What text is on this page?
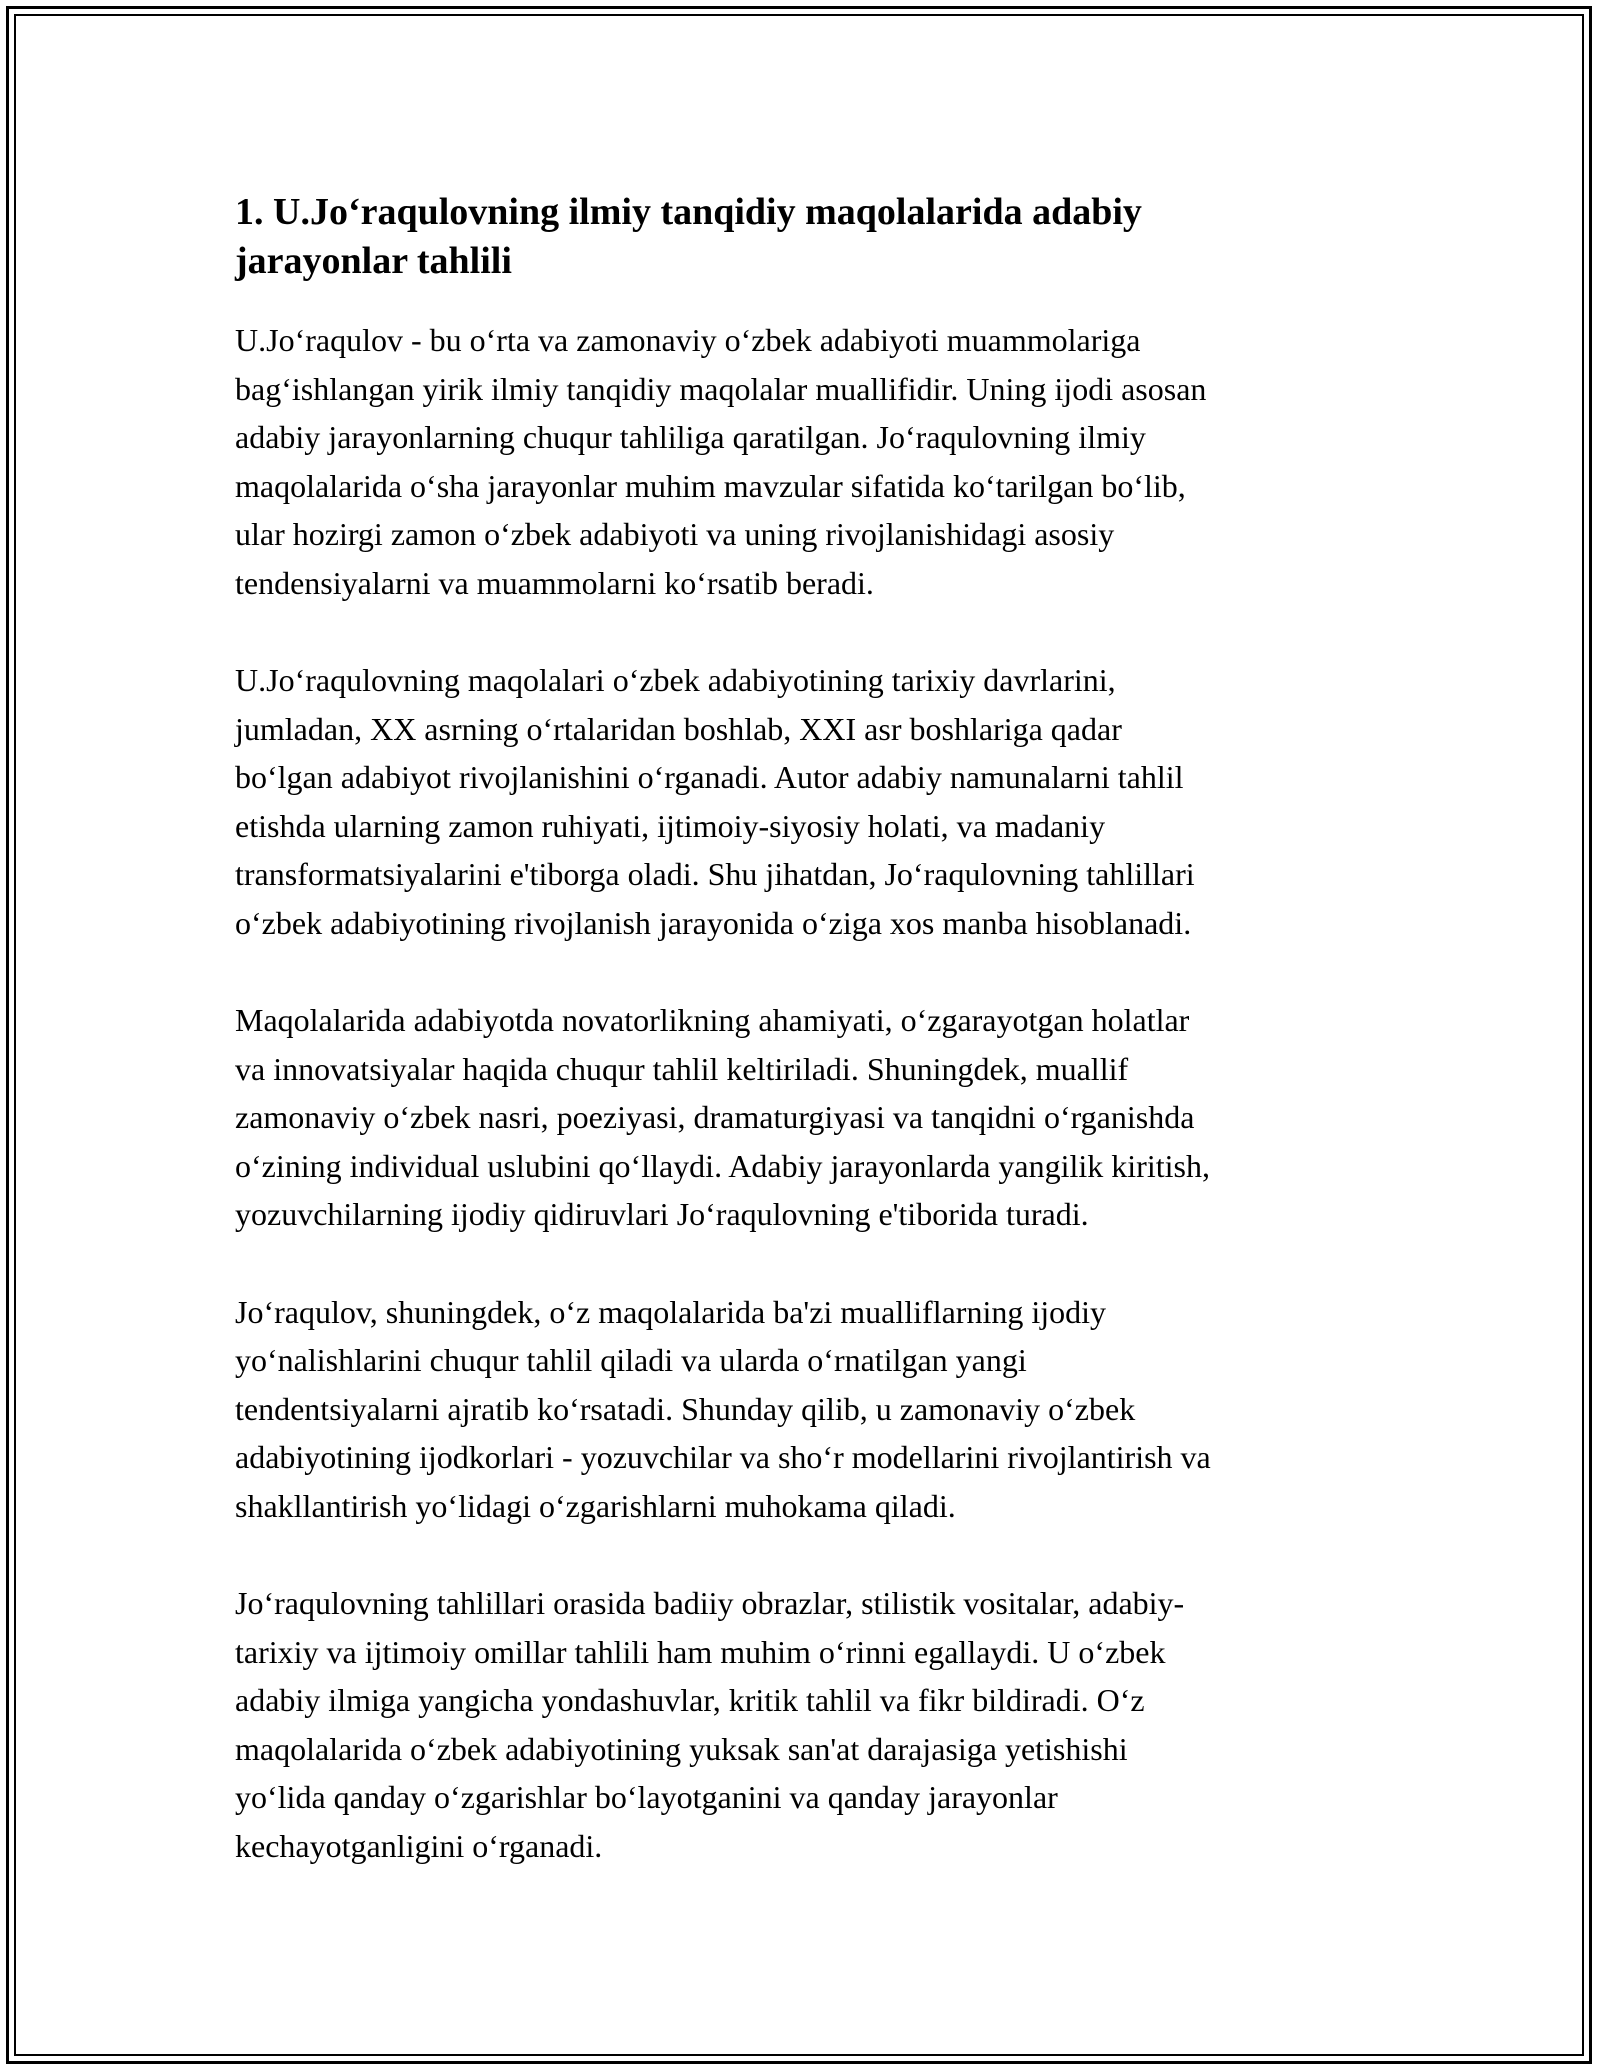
1. U.Jo‘raqulovning ilmiy tanqidiy maqolalarida adabiy
jarayonlar tahlili

U.Jo‘raqulov - bu o‘rta va zamonaviy o‘zbek adabiyoti muammolariga
bag‘ishlangan yirik ilmiy tanqidiy maqolalar muallifidir. Uning ijodi asosan
adabiy jarayonlarning chuqur tahliliga qaratilgan. Jo‘raqulovning ilmiy
maqolalarida o‘sha jarayonlar muhim mavzular sifatida ko‘tarilgan bo‘lib,
ular hozirgi zamon o‘zbek adabiyoti va uning rivojlanishidagi asosiy
tendensiyalarni va muammolarni ko‘rsatib beradi.

U.Jo‘raqulovning maqolalari o‘zbek adabiyotining tarixiy davrlarini,
jumladan, XX asrning o‘rtalaridan boshlab, XXI asr boshlariga qadar
bo‘lgan adabiyot rivojlanishini o‘rganadi. Autor adabiy namunalarni tahlil
etishda ularning zamon ruhiyati, ijtimoiy-siyosiy holati, va madaniy
transformatsiyalarini e'tiborga oladi. Shu jihatdan, Jo‘raqulovning tahlillari
o‘zbek adabiyotining rivojlanish jarayonida o‘ziga xos manba hisoblanadi.

Maqolalarida adabiyotda novatorlikning ahamiyati, o‘zgarayotgan holatlar
va innovatsiyalar haqida chuqur tahlil keltiriladi. Shuningdek, muallif
zamonaviy o‘zbek nasri, poeziyasi, dramaturgiyasi va tanqidni o‘rganishda
o‘zining individual uslubini qo‘llaydi. Adabiy jarayonlarda yangilik kiritish,
yozuvchilarning ijodiy qidiruvlari Jo‘raqulovning e'tiborida turadi.

Jo‘raqulov, shuningdek, o‘z maqolalarida ba'zi mualliflarning ijodiy
yo‘nalishlarini chuqur tahlil qiladi va ularda o‘rnatilgan yangi
tendentsiyalarni ajratib ko‘rsatadi. Shunday qilib, u zamonaviy o‘zbek
adabiyotining ijodkorlari - yozuvchilar va sho‘r modellarini rivojlantirish va
shakllantirish yo‘lidagi o‘zgarishlarni muhokama qiladi.

Jo‘raqulovning tahlillari orasida badiiy obrazlar, stilistik vositalar, adabiy-
tarixiy va ijtimoiy omillar tahlili ham muhim o‘rinni egallaydi. U o‘zbek
adabiy ilmiga yangicha yondashuvlar, kritik tahlil va fikr bildiradi. O‘z
maqolalarida o‘zbek adabiyotining yuksak san'at darajasiga yetishishi
yo‘lida qanday o‘zgarishlar bo‘layotganini va qanday jarayonlar
kechayotganligini o‘rganadi.
